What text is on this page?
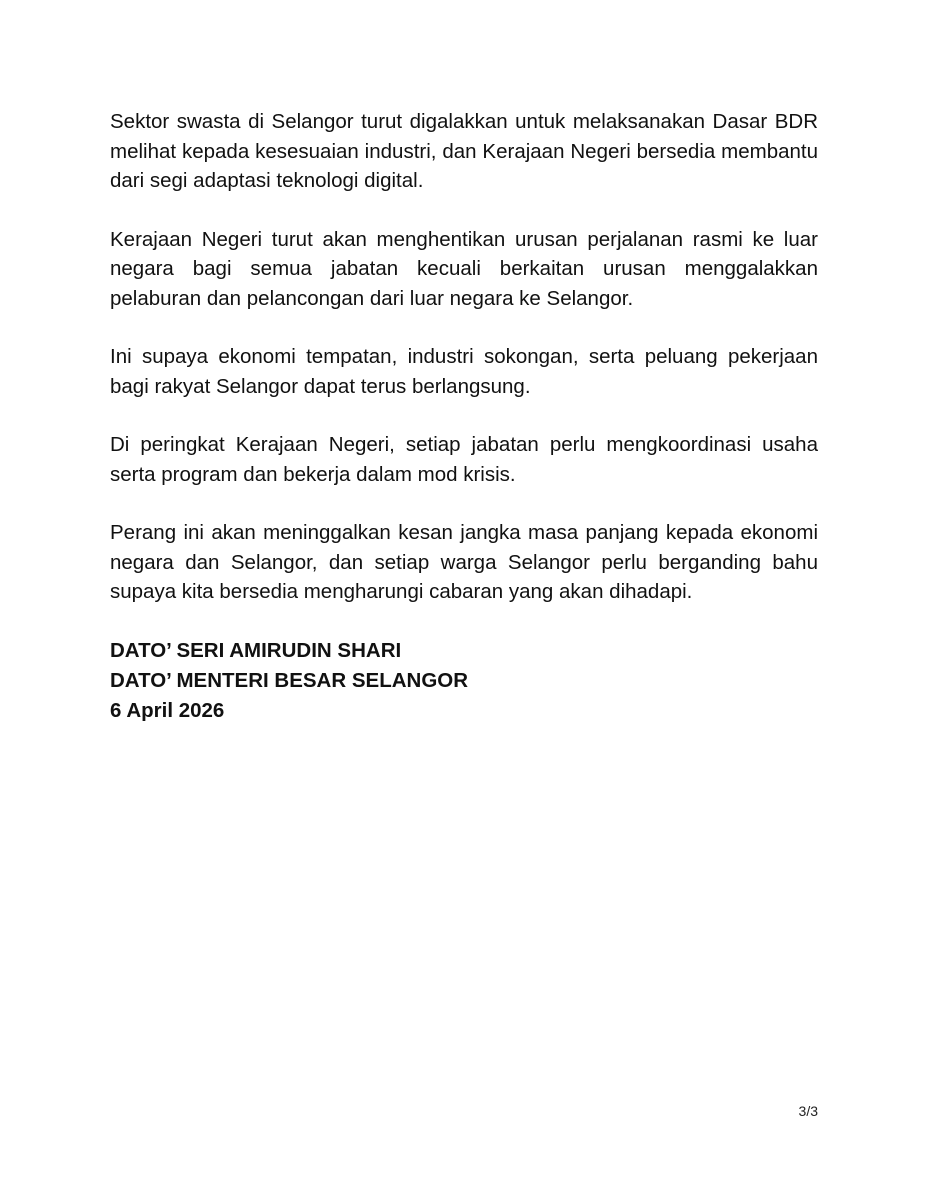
Sektor swasta di Selangor turut digalakkan untuk melaksanakan Dasar BDR melihat kepada kesesuaian industri, dan Kerajaan Negeri bersedia membantu dari segi adaptasi teknologi digital.

Kerajaan Negeri turut akan menghentikan urusan perjalanan rasmi ke luar negara bagi semua jabatan kecuali berkaitan urusan menggalakkan pelaburan dan pelancongan dari luar negara ke Selangor.

Ini supaya ekonomi tempatan, industri sokongan, serta peluang pekerjaan bagi rakyat Selangor dapat terus berlangsung.

Di peringkat Kerajaan Negeri, setiap jabatan perlu mengkoordinasi usaha serta program dan bekerja dalam mod krisis.

Perang ini akan meninggalkan kesan jangka masa panjang kepada ekonomi negara dan Selangor, dan setiap warga Selangor perlu berganding bahu supaya kita bersedia mengharungi cabaran yang akan dihadapi.

DATO’ SERI AMIRUDIN SHARI

DATO’ MENTERI BESAR SELANGOR

6 April 2026

3/3
